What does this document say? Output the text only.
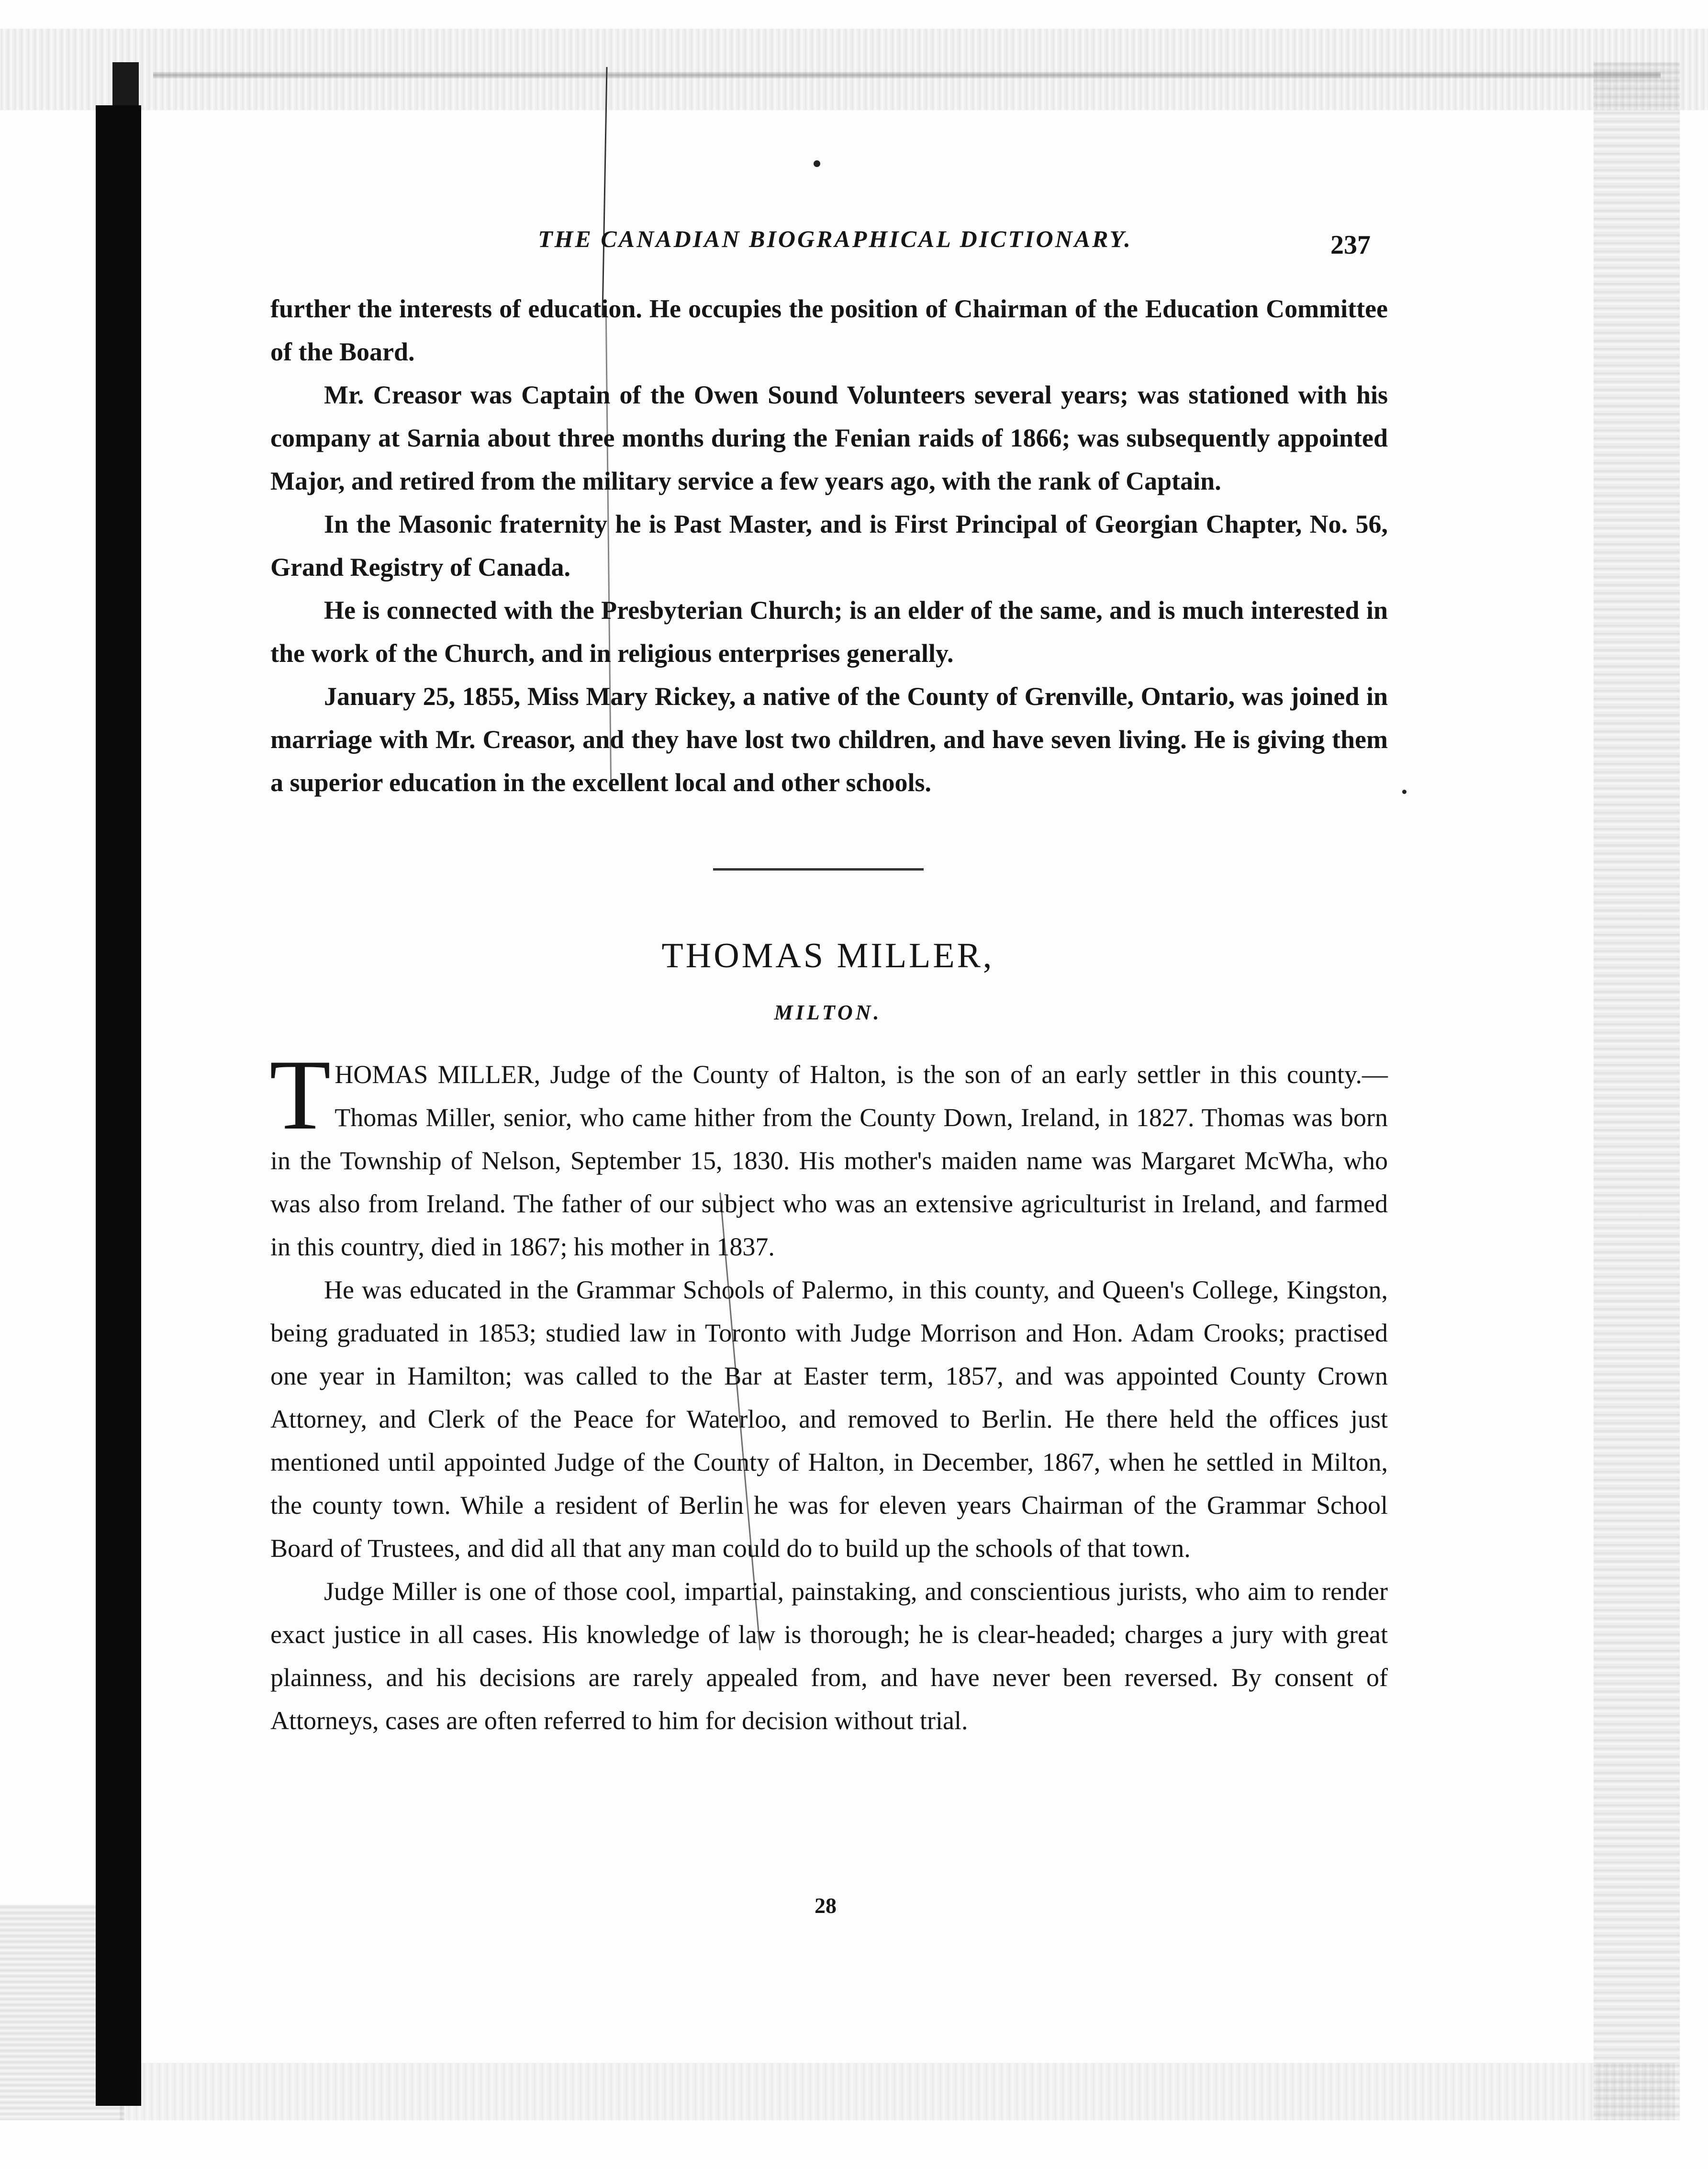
THE CANADIAN BIOGRAPHICAL DICTIONARY.	237

further the interests of education. He occupies the position of Chairman of the Education Committee of the Board.

Mr. Creasor was Captain of the Owen Sound Volunteers several years; was stationed with his company at Sarnia about three months during the Fenian raids of 1866; was subsequently appointed Major, and retired from the military service a few years ago, with the rank of Captain.

In the Masonic fraternity he is Past Master, and is First Principal of Georgian Chapter, No. 56, Grand Registry of Canada.

He is connected with the Presbyterian Church; is an elder of the same, and is much interested in the work of the Church, and in religious enterprises generally.

January 25, 1855, Miss Mary Rickey, a native of the County of Grenville, Ontario, was joined in marriage with Mr. Creasor, and they have lost two children, and have seven living. He is giving them a superior education in the excellent local and other schools.

THOMAS MILLER,
MILTON.

THOMAS MILLER, Judge of the County of Halton, is the son of an early settler in this county.—Thomas Miller, senior, who came hither from the County Down, Ireland, in 1827. Thomas was born in the Township of Nelson, September 15, 1830. His mother's maiden name was Margaret McWha, who was also from Ireland. The father of our subject who was an extensive agriculturist in Ireland, and farmed in this country, died in 1867; his mother in 1837.

He was educated in the Grammar Schools of Palermo, in this county, and Queen's College, Kingston, being graduated in 1853; studied law in Toronto with Judge Morrison and Hon. Adam Crooks; practised one year in Hamilton; was called to the Bar at Easter term, 1857, and was appointed County Crown Attorney, and Clerk of the Peace for Waterloo, and removed to Berlin. He there held the offices just mentioned until appointed Judge of the County of Halton, in December, 1867, when he settled in Milton, the county town. While a resident of Berlin he was for eleven years Chairman of the Grammar School Board of Trustees, and did all that any man could do to build up the schools of that town.

Judge Miller is one of those cool, impartial, painstaking, and conscientious jurists, who aim to render exact justice in all cases. His knowledge of law is thorough; he is clear-headed; charges a jury with great plainness, and his decisions are rarely appealed from, and have never been reversed. By consent of Attorneys, cases are often referred to him for decision without trial.

28
